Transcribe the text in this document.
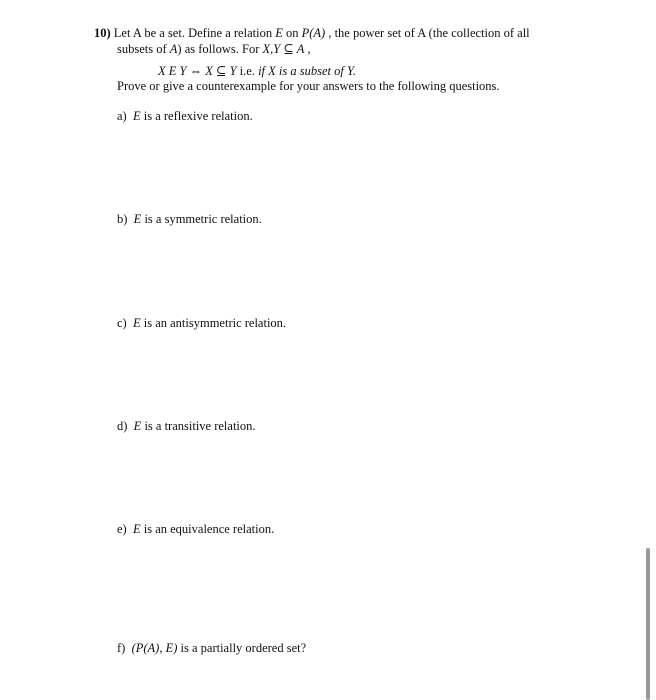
10) Let A be a set. Define a relation E on P(A) , the power set of A (the collection of all
subsets of A) as follows. For X,Y ⊆ A ,
X E Y ⇔ X ⊆ Y i.e. if X is a subset of Y.
Prove or give a counterexample for your answers to the following questions.
a) E is a reflexive relation.
b) E is a symmetric relation.
c) E is an antisymmetric relation.
d) E is a transitive relation.
e) E is an equivalence relation.
f) (P(A), E) is a partially ordered set?
